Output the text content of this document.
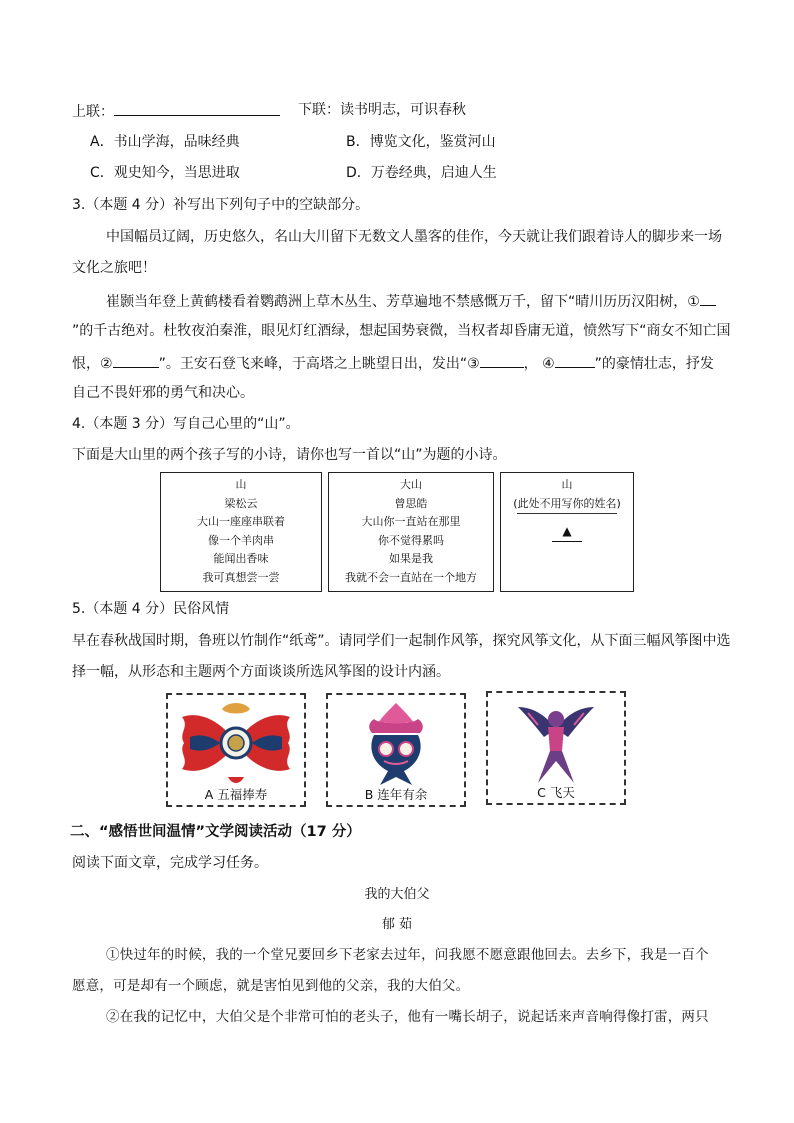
上联：	下联：读书明志，可识春秋
A．书山学海，品味经典	B．博览文化，鉴赏河山
C．观史知今，当思进取	D．万卷经典，启迪人生
3.（本题 4 分）补写出下列句子中的空缺部分。
中国幅员辽阔，历史悠久，名山大川留下无数文人墨客的佳作，今天就让我们跟着诗人的脚步来一场
文化之旅吧！
崔颢当年登上黄鹤楼看着鹦鹉洲上草木丛生、芳草遍地不禁感慨万千，留下“晴川历历汉阳树，①
”的千古绝对。杜牧夜泊秦淮，眼见灯红酒绿，想起国势衰微，当权者却昏庸无道，愤然写下“商女不知亡国
恨，②	”。王安石登飞来峰，于高塔之上眺望日出，发出“③	， ④	”的豪情壮志，抒发
自己不畏奸邪的勇气和决心。
4.（本题 3 分）写自己心里的“山”。
下面是大山里的两个孩子写的小诗，请你也写一首以“山”为题的小诗。
山
梁松云
大山一座座串联着
像一个羊肉串
能闻出香味
我可真想尝一尝
大山
曾思皓
大山你一直站在那里
你不觉得累吗
如果是我
我就不会一直站在一个地方
山
(此处不用写你的姓名)
▲
5.（本题 4 分）民俗风情
早在春秋战国时期，鲁班以竹制作“纸鸢”。请同学们一起制作风筝，探究风筝文化，从下面三幅风筝图中选
择一幅，从形态和主题两个方面谈谈所选风筝图的设计内涵。
A 五福捧寿	B 连年有余	C 飞天
二、“感悟世间温情”文学阅读活动（17 分）
阅读下面文章，完成学习任务。
我的大伯父
郁 茹
①快过年的时候，我的一个堂兄要回乡下老家去过年，问我愿不愿意跟他回去。去乡下，我是一百个
愿意，可是却有一个顾虑，就是害怕见到他的父亲，我的大伯父。
②在我的记忆中，大伯父是个非常可怕的老头子，他有一嘴长胡子，说起话来声音响得像打雷，两只
